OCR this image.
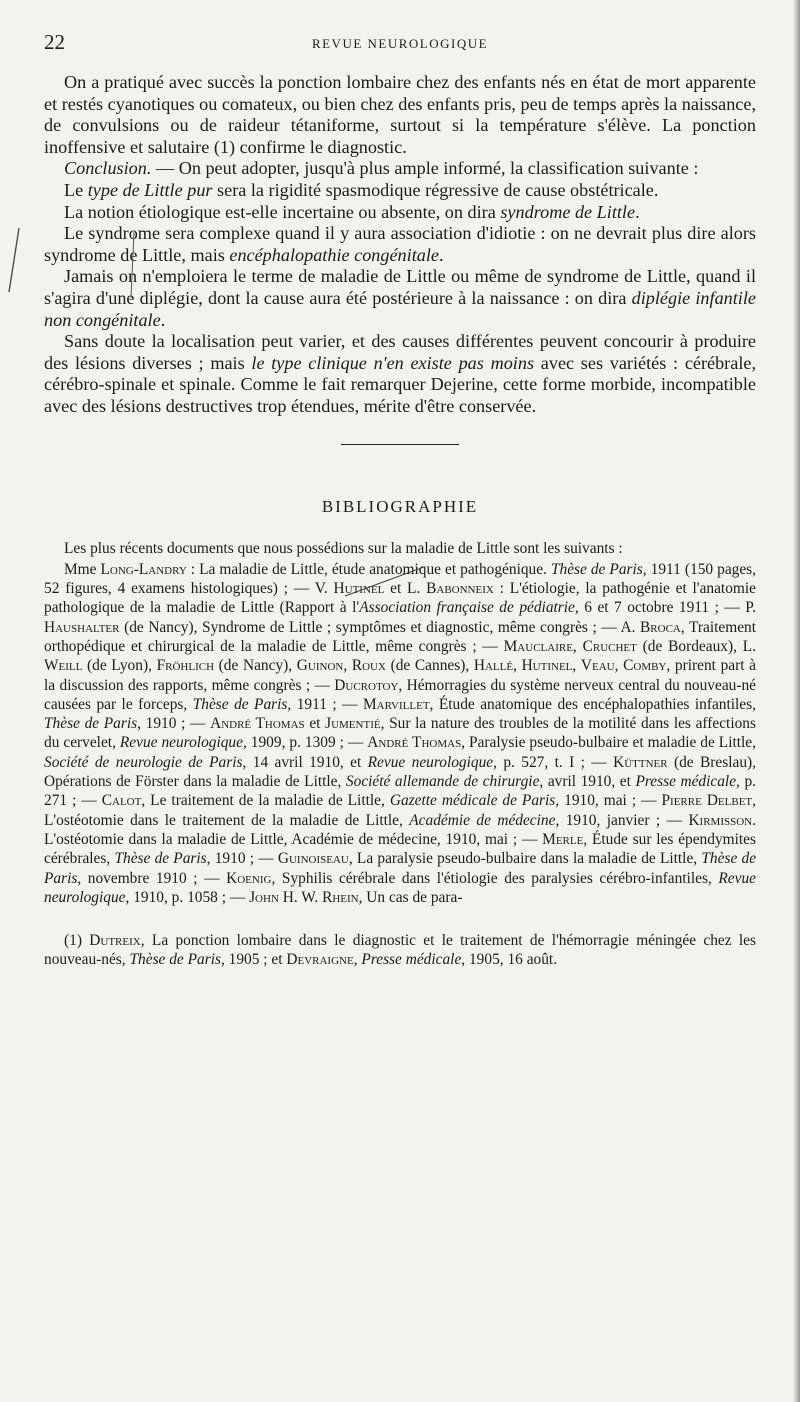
22	REVUE NEUROLOGIQUE

On a pratiqué avec succès la ponction lombaire chez des enfants nés en état de mort apparente et restés cyanotiques ou comateux, ou bien chez des enfants pris, peu de temps après la naissance, de convulsions ou de raideur tétaniforme, surtout si la température s'élève. La ponction inoffensive et salutaire (1) confirme le diagnostic.

Conclusion. — On peut adopter, jusqu'à plus ample informé, la classification suivante :

Le type de Little pur sera la rigidité spasmodique régressive de cause obstétricale.

La notion étiologique est-elle incertaine ou absente, on dira syndrome de Little.

Le syndrome sera complexe quand il y aura association d'idiotie : on ne devrait plus dire alors syndrome de Little, mais encéphalopathie congénitale.

Jamais on n'emploiera le terme de maladie de Little ou même de syndrome de Little, quand il s'agira d'une diplégie, dont la cause aura été postérieure à la naissance : on dira diplégie infantile non congénitale.

Sans doute la localisation peut varier, et des causes différentes peuvent concourir à produire des lésions diverses ; mais le type clinique n'en existe pas moins avec ses variétés : cérébrale, cérébro-spinale et spinale. Comme le fait remarquer Dejerine, cette forme morbide, incompatible avec des lésions destructives trop étendues, mérite d'être conservée.

BIBLIOGRAPHIE
Les plus récents documents que nous possédions sur la maladie de Little sont les suivants :
Mme Long-Landry : La maladie de Little, étude anatomique et pathogénique. Thèse de Paris, 1911 (150 pages, 52 figures, 4 examens histologiques) ; — V. Hutinel et L. Babonneix : L'étiologie, la pathogénie et l'anatomie pathologique de la maladie de Little (Rapport à l'Association française de pédiatrie, 6 et 7 octobre 1911 ; — P. Haushalter (de Nancy), Syndrome de Little ; symptômes et diagnostic, même congrès ; — A. Broca, Traitement orthopédique et chirurgical de la maladie de Little, même congrès ; — Mauclaire, Cruchet (de Bordeaux), L. Weill (de Lyon), Fröhlich (de Nancy), Guinon, Roux (de Cannes), Hallé, Hutinel, Veau, Comby, prirent part à la discussion des rapports, même congrès ; — Ducrotoy, Hémorragies du système nerveux central du nouveau-né causées par le forceps, Thèse de Paris, 1911 ; — Marvillet, Étude anatomique des encéphalopathies infantiles, Thèse de Paris, 1910 ; — André Thomas et Jumentié, Sur la nature des troubles de la motilité dans les affections du cervelet, Revue neurologique, 1909, p. 1309 ; — André Thomas, Paralysie pseudo-bulbaire et maladie de Little, Société de neurologie de Paris, 14 avril 1910, et Revue neurologique, p. 527, t. I ; — Küttner (de Breslau), Opérations de Förster dans la maladie de Little, Société allemande de chirurgie, avril 1910, et Presse médicale, p. 271 ; — Calot, Le traitement de la maladie de Little, Gazette médicale de Paris, 1910, mai ; — Pierre Delbet, L'ostéotomie dans le traitement de la maladie de Little, Académie de médecine, 1910, janvier ; — Kirmisson. L'ostéotomie dans la maladie de Little, Académie de médecine, 1910, mai ; — Merle, Étude sur les épendymites cérébrales, Thèse de Paris, 1910 ; — Guinoiseau, La paralysie pseudo-bulbaire dans la maladie de Little, Thèse de Paris, novembre 1910 ; — Koenig, Syphilis cérébrale dans l'étiologie des paralysies cérébro-infantiles, Revue neurologique, 1910, p. 1058 ; — John H. W. Rhein, Un cas de para-
(1) Dutreix, La ponction lombaire dans le diagnostic et le traitement de l'hémorragie méningée chez les nouveau-nés, Thèse de Paris, 1905 ; et Devraigne, Presse médicale, 1905, 16 août.
